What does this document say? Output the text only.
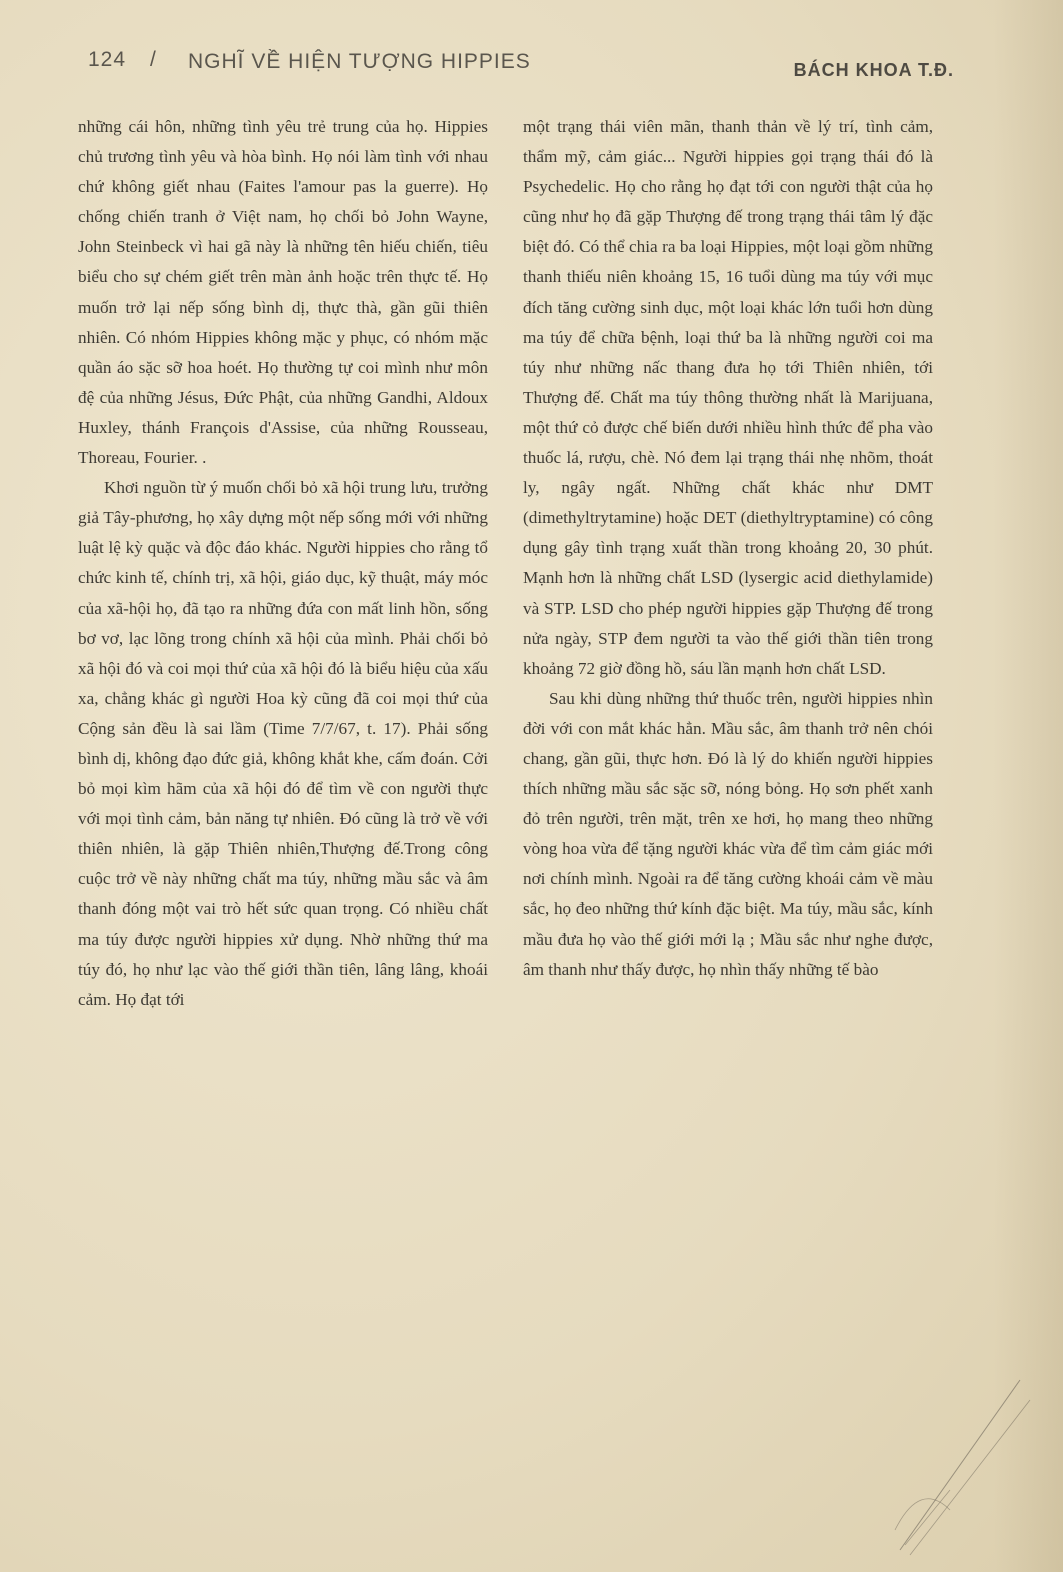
124 / NGHĨ VỀ HIỆN TƯỢNG HIPPIES	BÁCH KHOA T.Đ.

những cái hôn, những tình yêu trẻ trung của họ. Hippies chủ trương tình yêu và hòa bình. Họ nói làm tình với nhau chứ không giết nhau (Faites l'amour pas la guerre). Họ chống chiến tranh ở Việt nam, họ chối bỏ John Wayne, John Steinbeck vì hai gã này là những tên hiếu chiến, tiêu biểu cho sự chém giết trên màn ảnh hoặc trên thực tế. Họ muốn trở lại nếp sống bình dị, thực thà, gần gũi thiên nhiên. Có nhóm Hippies không mặc y phục, có nhóm mặc quần áo sặc sỡ hoa hoét. Họ thường tự coi mình như môn đệ của những Jésus, Đức Phật, của những Gandhi, Aldoux Huxley, thánh François d'Assise, của những Rousseau, Thoreau, Fourier. .

Khơi nguồn từ ý muốn chối bỏ xã hội trung lưu, trưởng giả Tây-phương, họ xây dựng một nếp sống mới với những luật lệ kỳ quặc và độc đáo khác. Người hippies cho rằng tổ chức kinh tế, chính trị, xã hội, giáo dục, kỹ thuật, máy móc của xã-hội họ, đã tạo ra những đứa con mất linh hồn, sống bơ vơ, lạc lõng trong chính xã hội của mình. Phải chối bỏ xã hội đó và coi mọi thứ của xã hội đó là biểu hiệu của xấu xa, chẳng khác gì người Hoa kỳ cũng đã coi mọi thứ của Cộng sản đều là sai lầm (Time 7/7/67, t. 17). Phải sống bình dị, không đạo đức giả, không khắt khe, cấm đoán. Cởi bỏ mọi kìm hãm của xã hội đó để tìm về con người thực với mọi tình cảm, bản năng tự nhiên. Đó cũng là trở về với thiên nhiên, là gặp Thiên nhiên,Thượng đế.Trong công cuộc trở về này những chất ma túy, những mầu sắc và âm thanh đóng một vai trò hết sức quan trọng. Có nhiều chất ma túy được người hippies xử dụng. Nhờ những thứ ma túy đó, họ như lạc vào thế giới thần tiên, lâng lâng, khoái cảm. Họ đạt tới

một trạng thái viên mãn, thanh thản về lý trí, tình cảm, thẩm mỹ, cảm giác... Người hippies gọi trạng thái đó là Psychedelic. Họ cho rằng họ đạt tới con người thật của họ cũng như họ đã gặp Thượng đế trong trạng thái tâm lý đặc biệt đó. Có thể chia ra ba loại Hippies, một loại gồm những thanh thiếu niên khoảng 15, 16 tuổi dùng ma túy với mục đích tăng cường sinh dục, một loại khác lớn tuổi hơn dùng ma túy để chữa bệnh, loại thứ ba là những người coi ma túy như những nấc thang đưa họ tới Thiên nhiên, tới Thượng đế. Chất ma túy thông thường nhất là Marijuana, một thứ cỏ được chế biến dưới nhiều hình thức để pha vào thuốc lá, rượu, chè. Nó đem lại trạng thái nhẹ nhõm, thoát ly, ngây ngất. Những chất khác như DMT (dimethyltrytamine) hoặc DET (diethyltryptamine) có công dụng gây tình trạng xuất thần trong khoảng 20, 30 phút. Mạnh hơn là những chất LSD (lysergic acid diethylamide) và STP. LSD cho phép người hippies gặp Thượng đế trong nửa ngày, STP đem người ta vào thế giới thần tiên trong khoảng 72 giờ đồng hồ, sáu lần mạnh hơn chất LSD.

Sau khi dùng những thứ thuốc trên, người hippies nhìn đời với con mắt khác hẳn. Mầu sắc, âm thanh trở nên chói chang, gần gũi, thực hơn. Đó là lý do khiến người hippies thích những mầu sắc sặc sỡ, nóng bỏng. Họ sơn phết xanh đỏ trên người, trên mặt, trên xe hơi, họ mang theo những vòng hoa vừa để tặng người khác vừa để tìm cảm giác mới nơi chính mình. Ngoài ra để tăng cường khoái cảm về màu sắc, họ đeo những thứ kính đặc biệt. Ma túy, mầu sắc, kính mầu đưa họ vào thế giới mới lạ ; Mầu sắc như nghe được, âm thanh như thấy được, họ nhìn thấy những tế bào
